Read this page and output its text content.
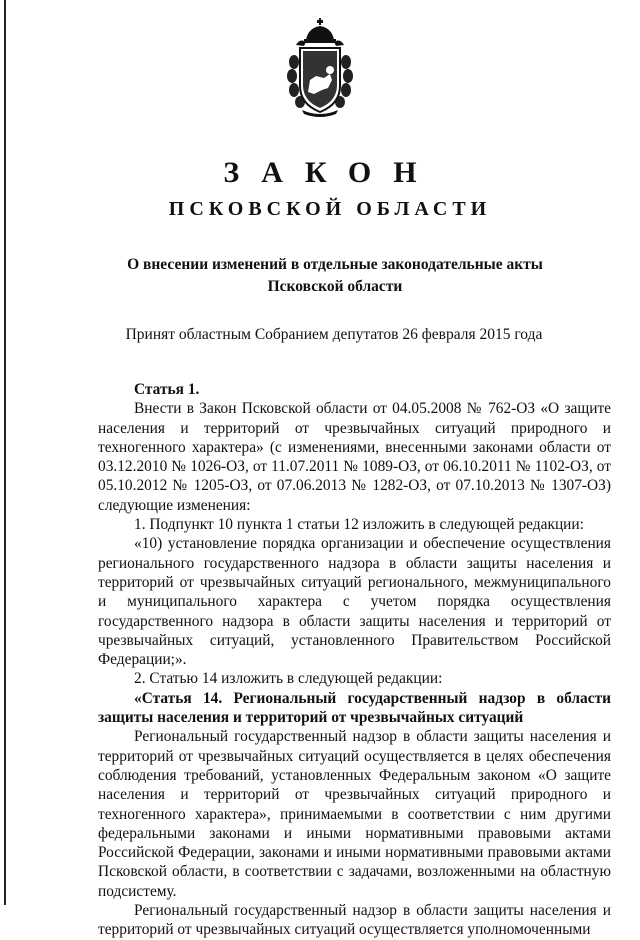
ЗАКОН
ПСКОВСКОЙ ОБЛАСТИ
О внесении изменений в отдельные законодательные акты
Псковской области
Принят областным Собранием депутатов 26 февраля 2015 года

Статья 1.

Внести в Закон Псковской области от 04.05.2008 № 762-ОЗ «О защите населения и территорий от чрезвычайных ситуаций природного и техногенного характера» (с изменениями, внесенными законами области от 03.12.2010 № 1026-ОЗ, от 11.07.2011 № 1089-ОЗ, от 06.10.2011 № 1102-ОЗ, от 05.10.2012 № 1205-ОЗ, от 07.06.2013 № 1282-ОЗ, от 07.10.2013 № 1307-ОЗ) следующие изменения:

1. Подпункт 10 пункта 1 статьи 12 изложить в следующей редакции:

«10) установление порядка организации и обеспечение осуществления регионального государственного надзора в области защиты населения и территорий от чрезвычайных ситуаций регионального, межмуниципального и муниципального характера с учетом порядка осуществления государственного надзора в области защиты населения и территорий от чрезвычайных ситуаций, установленного Правительством Российской Федерации;».

2. Статью 14 изложить в следующей редакции:

«Статья 14. Региональный государственный надзор в области защиты населения и территорий от чрезвычайных ситуаций

Региональный государственный надзор в области защиты населения и территорий от чрезвычайных ситуаций осуществляется в целях обеспечения соблюдения требований, установленных Федеральным законом «О защите населения и территорий от чрезвычайных ситуаций природного и техногенного характера», принимаемыми в соответствии с ним другими федеральными законами и иными нормативными правовыми актами Российской Федерации, законами и иными нормативными правовыми актами Псковской области, в соответствии с задачами, возложенными на областную подсистему.

Региональный государственный надзор в области защиты населения и территорий от чрезвычайных ситуаций осуществляется уполномоченными
